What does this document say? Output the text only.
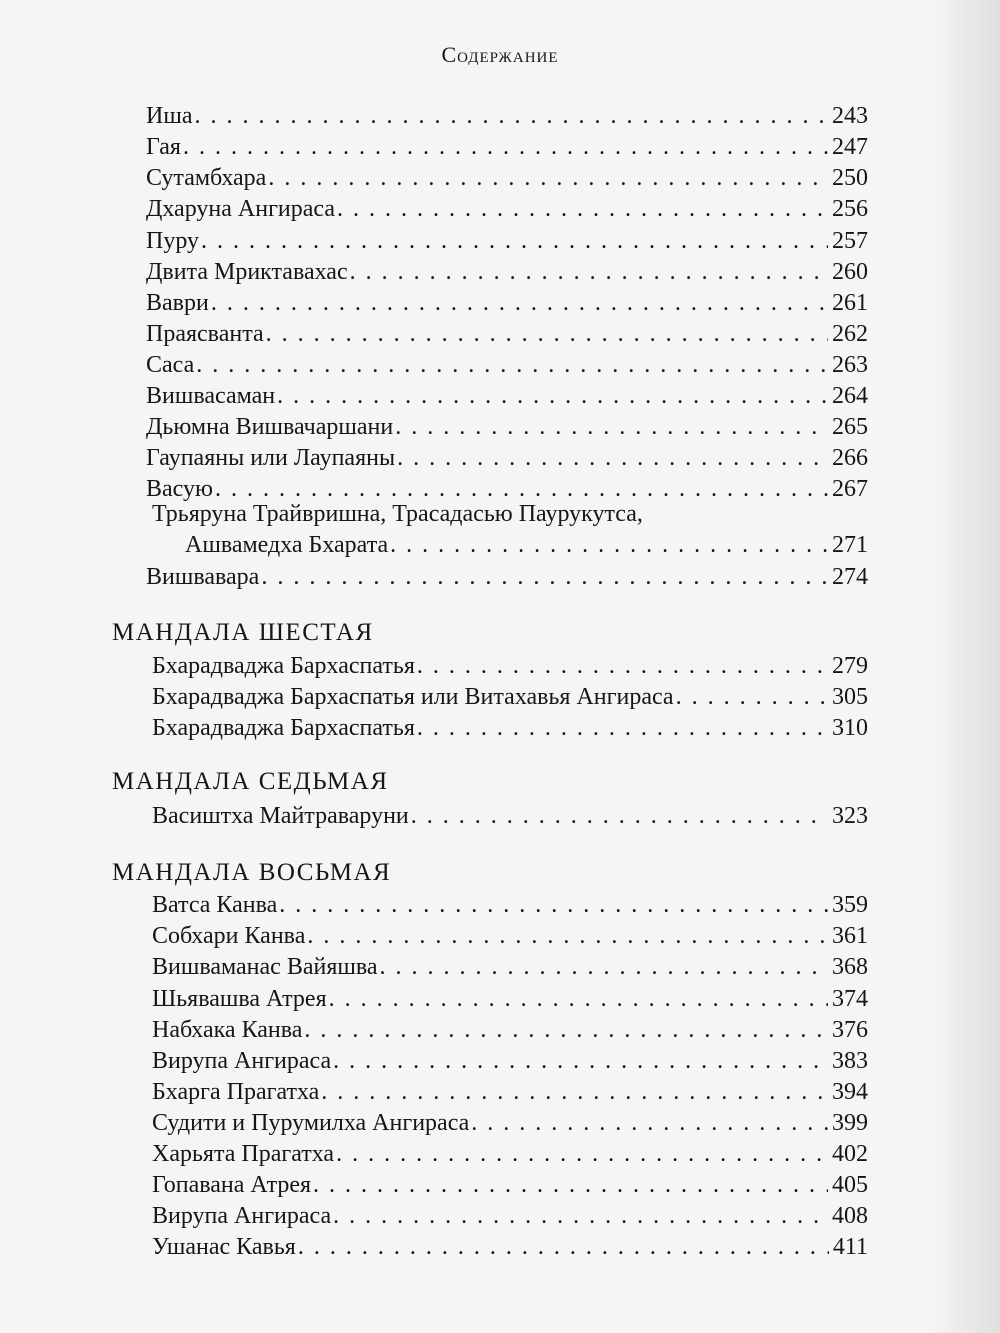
Содержание
Иша . . .	243
Гая . . .	247
Сутамбхара . . .	250
Дхаруна Ангираса . . .	256
Пуру . . .	257
Двита Мриктавахас . . .	260
Ваври . . .	261
Праясванта . . .	262
Саса . . .	263
Вишвасаман . . .	264
Дьюмна Вишвачаршани . . .	265
Гаупаяны или Лаупаяны . . .	266
Васую . . .	267
Трьяруна Трайвришна, Трасадасью Паурукутса,
Ашвамедха Бхарата . . .	271
Вишвавара . . .	274
МАНДАЛА ШЕСТАЯ
Бхарадваджа Бархаспатья . . .	279
Бхарадваджа Бархаспатья или Витахавья Ангираса . . .	305
Бхарадваджа Бархаспатья . . .	310
МАНДАЛА СЕДЬМАЯ
Васиштха Майтраваруни . . .	323
МАНДАЛА ВОСЬМАЯ
Ватса Канва . . .	359
Собхари Канва . . .	361
Вишваманас Вайяшва . . .	368
Шьявашва Атрея . . .	374
Набхака Канва . . .	376
Вирупа Ангираса . . .	383
Бхарга Прагатха . . .	394
Судити и Пурумилха Ангираса . . .	399
Харьята Прагатха . . .	402
Гопавана Атрея . . .	405
Вирупа Ангираса . . .	408
Ушанас Кавья . . .	411
